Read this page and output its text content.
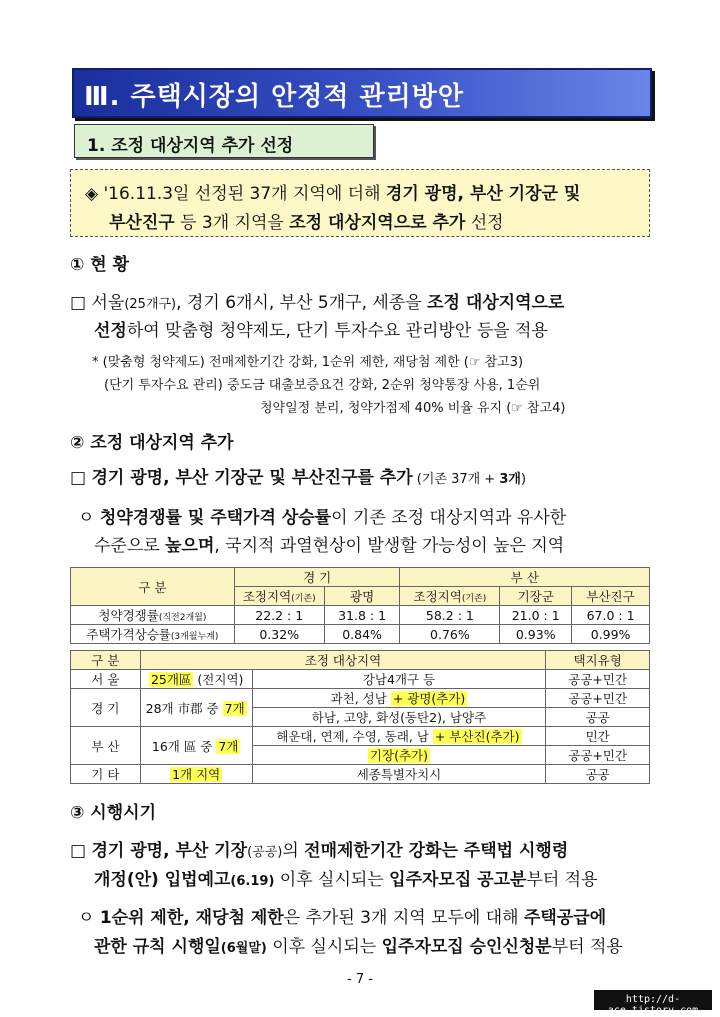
Ⅲ. 주택시장의 안정적 관리방안
1. 조정 대상지역 추가 선정
◈ '16.11.3일 선정된 37개 지역에 더해 경기 광명, 부산 기장군 및
부산진구 등 3개 지역을 조정 대상지역으로 추가 선정
① 현 황
□ 서울(25개구), 경기 6개시, 부산 5개구, 세종을 조정 대상지역으로
선정하여 맞춤형 청약제도, 단기 투자수요 관리방안 등을 적용
* (맞춤형 청약제도) 전매제한기간 강화, 1순위 제한, 재당첨 제한 (☞ 참고3)
(단기 투자수요 관리) 중도금 대출보증요건 강화, 2순위 청약통장 사용, 1순위
청약일정 분리, 청약가점제 40% 비율 유지 (☞ 참고4)
② 조정 대상지역 추가
□ 경기 광명, 부산 기장군 및 부산진구를 추가 (기존 37개 + 3개)
ㅇ 청약경쟁률 및 주택가격 상승률이 기존 조정 대상지역과 유사한
수준으로 높으며, 국지적 과열현상이 발생할 가능성이 높은 지역
구 분	경 기		부 산		
	조정지역(기존)	광명	조정지역(기존)	기장군	부산진구
청약경쟁률(직전2개월)	22.2 : 1	31.8 : 1	58.2 : 1	21.0 : 1	67.0 : 1
주택가격상승률(3개월누계)	0.32%	0.84%	0.76%	0.93%	0.99%
구 분	조정 대상지역		택지유형
서 울	25개區 (전지역)	강남4개구 등	공공+민간
경 기	28개 市郡 중 7개	과천, 성남 + 광명(추가)	공공+민간
		하남, 고양, 화성(동탄2), 남양주	공공
부 산	16개 區 중 7개	해운대, 연제, 수영, 동래, 남 + 부산진(추가)	민간
		기장(추가)	공공+민간
기 타	1개 지역	세종특별자치시	공공
③ 시행시기
□ 경기 광명, 부산 기장(공공)의 전매제한기간 강화는 주택법 시행령
개정(안) 입법예고(6.19) 이후 실시되는 입주자모집 공고분부터 적용
ㅇ 1순위 제한, 재당첨 제한은 추가된 3개 지역 모두에 대해 주택공급에
관한 규칙 시행일(6월말) 이후 실시되는 입주자모집 승인신청분부터 적용
- 7 -
http://d-ace.tistory.com
